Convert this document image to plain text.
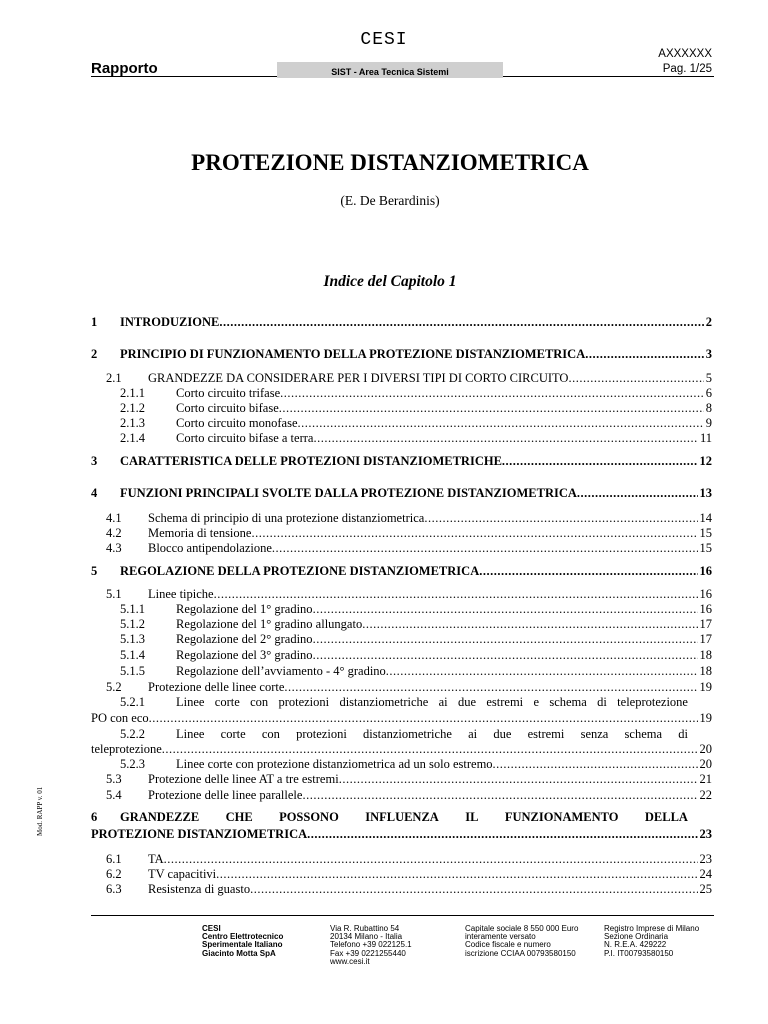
CESI
AXXXXXX
Rapporto	SIST - Area Tecnica Sistemi	Pag. 1/25
PROTEZIONE DISTANZIOMETRICA
(E. De Berardinis)
Indice del Capitolo 1
1	INTRODUZIONE .....	2
2	PRINCIPIO DI FUNZIONAMENTO DELLA PROTEZIONE DISTANZIOMETRICA .....	3
2.1	GRANDEZZE DA CONSIDERARE PER I DIVERSI TIPI DI CORTO CIRCUITO .....	5
2.1.1	Corto circuito trifase .....	6
2.1.2	Corto circuito bifase .....	8
2.1.3	Corto circuito monofase .....	9
2.1.4	Corto circuito bifase a terra .....	11
3	CARATTERISTICA DELLE PROTEZIONI DISTANZIOMETRICHE .....	12
4	FUNZIONI PRINCIPALI SVOLTE DALLA PROTEZIONE DISTANZIOMETRICA .....	13
4.1	Schema di principio di una protezione distanziometrica .....	14
4.2	Memoria di tensione .....	15
4.3	Blocco antipendolazione .....	15
5	REGOLAZIONE DELLA PROTEZIONE DISTANZIOMETRICA .....	16
5.1	Linee tipiche .....	16
5.1.1	Regolazione del 1° gradino .....	16
5.1.2	Regolazione del 1° gradino allungato .....	17
5.1.3	Regolazione del 2° gradino .....	17
5.1.4	Regolazione del 3° gradino .....	18
5.1.5	Regolazione dell’avviamento - 4° gradino .....	18
5.2	Protezione delle linee corte .....	19
5.2.1	Linee corte con protezioni distanziometriche ai due estremi e schema di teleprotezione
PO con eco .....	19
5.2.2	Linee corte con protezioni distanziometriche ai due estremi senza schema di
teleprotezione .....	20
5.2.3	Linee corte con protezione distanziometrica ad un solo estremo .....	20
5.3	Protezione delle linee AT a tre estremi .....	21
5.4	Protezione delle linee parallele .....	22
6	GRANDEZZE CHE POSSONO INFLUENZA IL FUNZIONAMENTO DELLA
PROTEZIONE DISTANZIOMETRICA .....	23
6.1	TA .....	23
6.2	TV capacitivi .....	24
6.3	Resistenza di guasto .....	25
Mod. RAPP v. 01
CESI
Centro Elettrotecnico
Sperimentale Italiano
Giacinto Motta SpA
Via R. Rubattino 54
20134 Milano - Italia
Telefono +39 022125.1
Fax +39 0221255440
www.cesi.it
Capitale sociale 8 550 000 Euro
interamente versato
Codice fiscale e numero
iscrizione CCIAA 00793580150
Registro Imprese di Milano
Sezione Ordinaria
N. R.E.A. 429222
P.I. IT00793580150
